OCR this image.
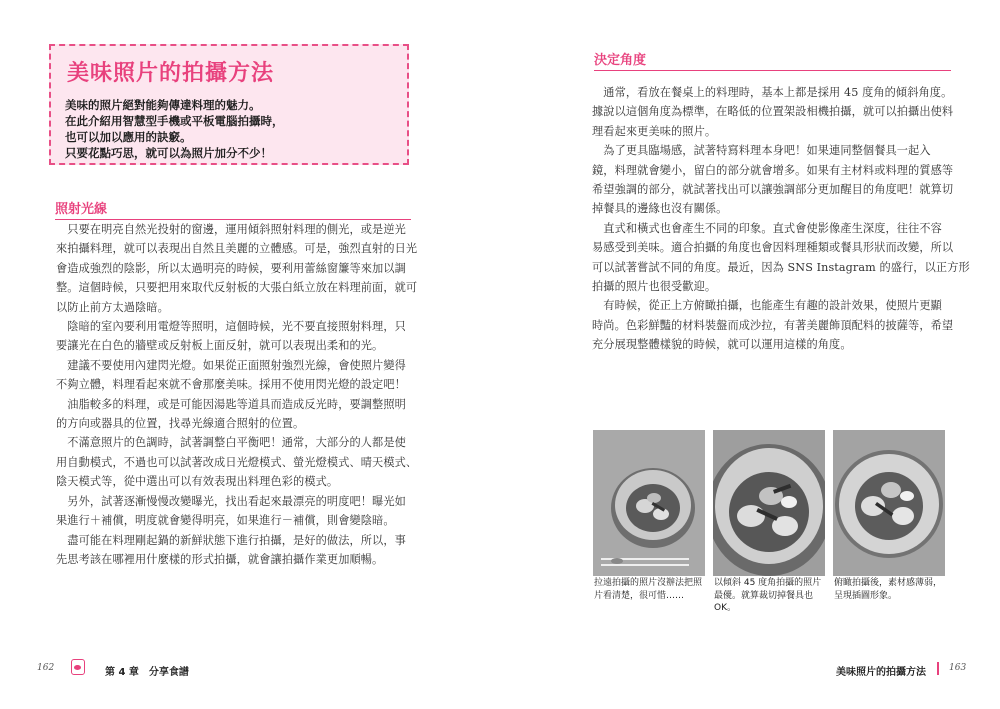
美味照片的拍攝方法
美味的照片絕對能夠傳達料理的魅力。
在此介紹用智慧型手機或平板電腦拍攝時，
也可以加以應用的訣竅。
只要花點巧思，就可以為照片加分不少！
照射光線
　只要在明亮自然光投射的窗邊，運用傾斜照射料理的側光，或是逆光
來拍攝料理，就可以表現出自然且美麗的立體感。可是，強烈直射的日光
會造成強烈的陰影，所以太過明亮的時候，要利用蕾絲窗簾等來加以調
整。這個時候，只要把用來取代反射板的大張白紙立放在料理前面，就可
以防止前方太過陰暗。
　陰暗的室內要利用電燈等照明，這個時候，光不要直接照射料理，只
要讓光在白色的牆壁或反射板上面反射，就可以表現出柔和的光。
　建議不要使用內建閃光燈。如果從正面照射強烈光線，會使照片變得
不夠立體，料理看起來就不會那麼美味。採用不使用閃光燈的設定吧！
　油脂較多的料理，或是可能因湯匙等道具而造成反光時，要調整照明
的方向或器具的位置，找尋光線適合照射的位置。
　不滿意照片的色調時，試著調整白平衡吧！通常，大部分的人都是使
用自動模式，不過也可以試著改成日光燈模式、螢光燈模式、晴天模式、
陰天模式等，從中選出可以有效表現出料理色彩的模式。
　另外，試著逐漸慢慢改變曝光，找出看起來最漂亮的明度吧！曝光如
果進行＋補償，明度就會變得明亮，如果進行－補償，則會變陰暗。
　盡可能在料理剛起鍋的新鮮狀態下進行拍攝，是好的做法，所以，事
先思考該在哪裡用什麼樣的形式拍攝，就會讓拍攝作業更加順暢。
162	第 4 章　分享食譜
決定角度
　通常，看放在餐桌上的料理時，基本上都是採用 45 度角的傾斜角度。
據說以這個角度為標準，在略低的位置架設相機拍攝，就可以拍攝出使料
理看起來更美味的照片。
　為了更具臨場感，試著特寫料理本身吧！如果連同整個餐具一起入
鏡，料理就會變小，留白的部分就會增多。如果有主材料或料理的質感等
希望強調的部分，就試著找出可以讓強調部分更加醒目的角度吧！就算切
掉餐具的邊緣也沒有關係。
　直式和橫式也會產生不同的印象。直式會使影像產生深度，往往不容
易感受到美味。適合拍攝的角度也會因料理種類或餐具形狀而改變，所以
可以試著嘗試不同的角度。最近，因為 SNS Instagram 的盛行，以正方形
拍攝的照片也很受歡迎。
　有時候，從正上方俯瞰拍攝，也能產生有趣的設計效果，使照片更顯
時尚。色彩鮮豔的材料裝盤而成沙拉，有著美麗飾頂配料的披薩等，希望
充分展現整體樣貌的時候，就可以運用這樣的角度。
拉遠拍攝的照片沒辦法把照片看清楚，很可惜……
以傾斜 45 度角拍攝的照片最優。就算裁切掉餐具也 OK。
俯瞰拍攝後，素材感薄弱，呈現插圖形象。
美味照片的拍攝方法	163
